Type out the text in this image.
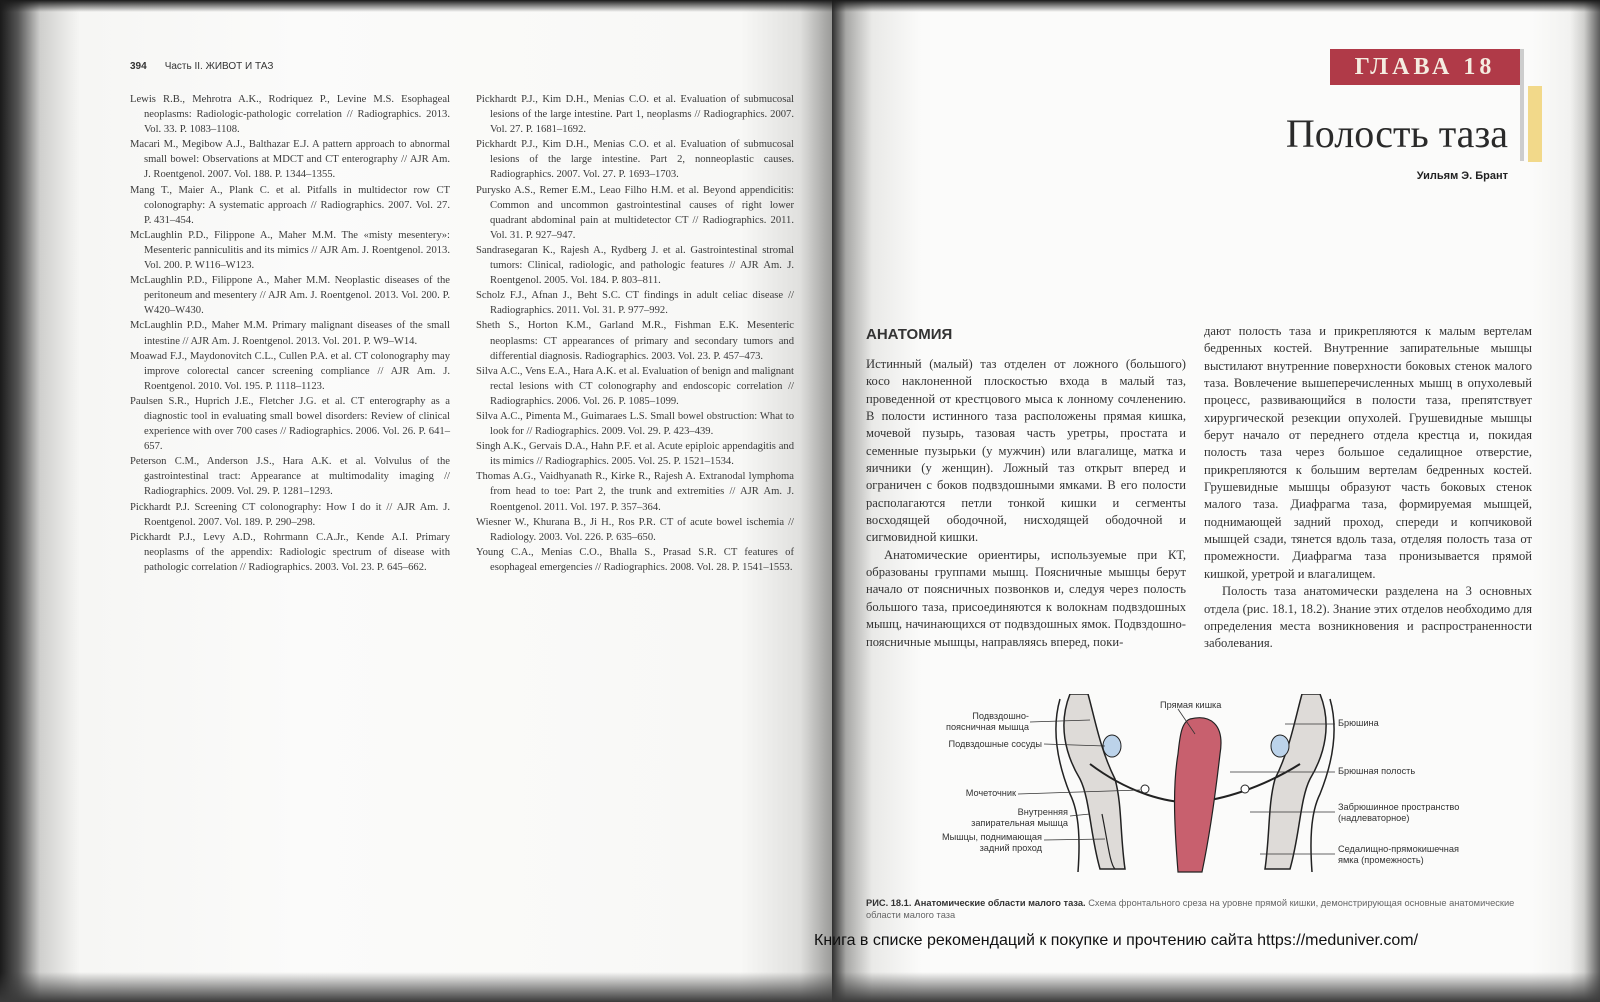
394 Часть II. ЖИВОТ И ТАЗ
Lewis R.B., Mehrotra A.K., Rodriquez P., Levine M.S. Esophageal neoplasms: Radiologic-pathologic correlation // Radiographics. 2013. Vol. 33. P. 1083–1108.
Macari M., Megibow A.J., Balthazar E.J. A pattern approach to abnormal small bowel: Observations at MDCT and CT enterography // AJR Am. J. Roentgenol. 2007. Vol. 188. P. 1344–1355.
Mang T., Maier A., Plank C. et al. Pitfalls in multidector row CT colonography: A systematic approach // Radiographics. 2007. Vol. 27. P. 431–454.
McLaughlin P.D., Filippone A., Maher M.M. The «misty mesentery»: Mesenteric panniculitis and its mimics // AJR Am. J. Roentgenol. 2013. Vol. 200. P. W116–W123.
McLaughlin P.D., Filippone A., Maher M.M. Neoplastic diseases of the peritoneum and mesentery // AJR Am. J. Roentgenol. 2013. Vol. 200. P. W420–W430.
McLaughlin P.D., Maher M.M. Primary malignant diseases of the small intestine // AJR Am. J. Roentgenol. 2013. Vol. 201. P. W9–W14.
Moawad F.J., Maydonovitch C.L., Cullen P.A. et al. CT colonography may improve colorectal cancer screening compliance // AJR Am. J. Roentgenol. 2010. Vol. 195. P. 1118–1123.
Paulsen S.R., Huprich J.E., Fletcher J.G. et al. CT enterography as a diagnostic tool in evaluating small bowel disorders: Review of clinical experience with over 700 cases // Radiographics. 2006. Vol. 26. P. 641–657.
Peterson C.M., Anderson J.S., Hara A.K. et al. Volvulus of the gastrointestinal tract: Appearance at multimodality imaging // Radiographics. 2009. Vol. 29. P. 1281–1293.
Pickhardt P.J. Screening CT colonography: How I do it // AJR Am. J. Roentgenol. 2007. Vol. 189. P. 290–298.
Pickhardt P.J., Levy A.D., Rohrmann C.A.Jr., Kende A.I. Primary neoplasms of the appendix: Radiologic spectrum of disease with pathologic correlation // Radiographics. 2003. Vol. 23. P. 645–662.
Pickhardt P.J., Kim D.H., Menias C.O. et al. Evaluation of submucosal lesions of the large intestine. Part 1, neoplasms // Radiographics. 2007. Vol. 27. P. 1681–1692.
Pickhardt P.J., Kim D.H., Menias C.O. et al. Evaluation of submucosal lesions of the large intestine. Part 2, nonneoplastic causes. Radiographics. 2007. Vol. 27. P. 1693–1703.
Purysko A.S., Remer E.M., Leao Filho H.M. et al. Beyond appendicitis: Common and uncommon gastrointestinal causes of right lower quadrant abdominal pain at multidetector CT // Radiographics. 2011. Vol. 31. P. 927–947.
Sandrasegaran K., Rajesh A., Rydberg J. et al. Gastrointestinal stromal tumors: Clinical, radiologic, and pathologic features // AJR Am. J. Roentgenol. 2005. Vol. 184. P. 803–811.
Scholz F.J., Afnan J., Beht S.C. CT findings in adult celiac disease // Radiographics. 2011. Vol. 31. P. 977–992.
Sheth S., Horton K.M., Garland M.R., Fishman E.K. Mesenteric neoplasms: CT appearances of primary and secondary tumors and differential diagnosis. Radiographics. 2003. Vol. 23. P. 457–473.
Silva A.C., Vens E.A., Hara A.K. et al. Evaluation of benign and malignant rectal lesions with CT colonography and endoscopic correlation // Radiographics. 2006. Vol. 26. P. 1085–1099.
Silva A.C., Pimenta M., Guimaraes L.S. Small bowel obstruction: What to look for // Radiographics. 2009. Vol. 29. P. 423–439.
Singh A.K., Gervais D.A., Hahn P.F. et al. Acute epiploic appendagitis and its mimics // Radiographics. 2005. Vol. 25. P. 1521–1534.
Thomas A.G., Vaidhyanath R., Kirke R., Rajesh A. Extranodal lymphoma from head to toe: Part 2, the trunk and extremities // AJR Am. J. Roentgenol. 2011. Vol. 197. P. 357–364.
Wiesner W., Khurana B., Ji H., Ros P.R. CT of acute bowel ischemia // Radiology. 2003. Vol. 226. P. 635–650.
Young C.A., Menias C.O., Bhalla S., Prasad S.R. CT features of esophageal emergencies // Radiographics. 2008. Vol. 28. P. 1541–1553.
ГЛАВА 18
Полость таза
Уильям Э. Брант
АНАТОМИЯ

Истинный (малый) таз отделен от ложного (большого) косо наклоненной плоскостью входа в малый таз, проведенной от крестцового мыса к лонному сочленению. В полости истинного таза расположены прямая кишка, мочевой пузырь, тазовая часть уретры, простата и семенные пузырьки (у мужчин) или влагалище, матка и яичники (у женщин). Ложный таз открыт вперед и ограничен с боков подвздошными ямками. В его полости располагаются петли тонкой кишки и сегменты восходящей ободочной, нисходящей ободочной и сигмовидной кишки.

Анатомические ориентиры, используемые при КТ, образованы группами мышц. Поясничные мышцы берут начало от поясничных позвонков и, следуя через полость большого таза, присоединяются к волокнам подвздошных мышц, начинающихся от подвздошных ямок. Подвздошно-поясничные мышцы, направляясь вперед, поки-

дают полость таза и прикрепляются к малым вертелам бедренных костей. Внутренние запирательные мышцы выстилают внутренние поверхности боковых стенок малого таза. Вовлечение вышеперечисленных мышц в опухолевый процесс, развивающийся в полости таза, препятствует хирургической резекции опухолей. Грушевидные мышцы берут начало от переднего отдела крестца и, покидая полость таза через большое седалищное отверстие, прикрепляются к большим вертелам бедренных костей. Грушевидные мышцы образуют часть боковых стенок малого таза. Диафрагма таза, формируемая мышцей, поднимающей задний проход, спереди и копчиковой мышцей сзади, тянется вдоль таза, отделяя полость таза от промежности. Диафрагма таза пронизывается прямой кишкой, уретрой и влагалищем.

Полость таза анатомически разделена на 3 основных отдела (рис. 18.1, 18.2). Знание этих отделов необходимо для определения места возникновения и распространенности заболевания.

Подвздошно-
поясничная мышца
Подвздошные сосуды
Мочеточник
Внутренняя
запирательная мышца
Мышцы, поднимающая
задний проход
Прямая кишка
Брюшина
Брюшная полость
Забрюшинное пространство
(надлеваторное)
Седалищно-прямокишечная
ямка (промежность)
РИС. 18.1. Анатомические области малого таза. Схема фронтального среза на уровне прямой кишки, демонстрирующая основные анатомические области малого таза
Книга в списке рекомендаций к покупке и прочтению сайта https://meduniver.com/
